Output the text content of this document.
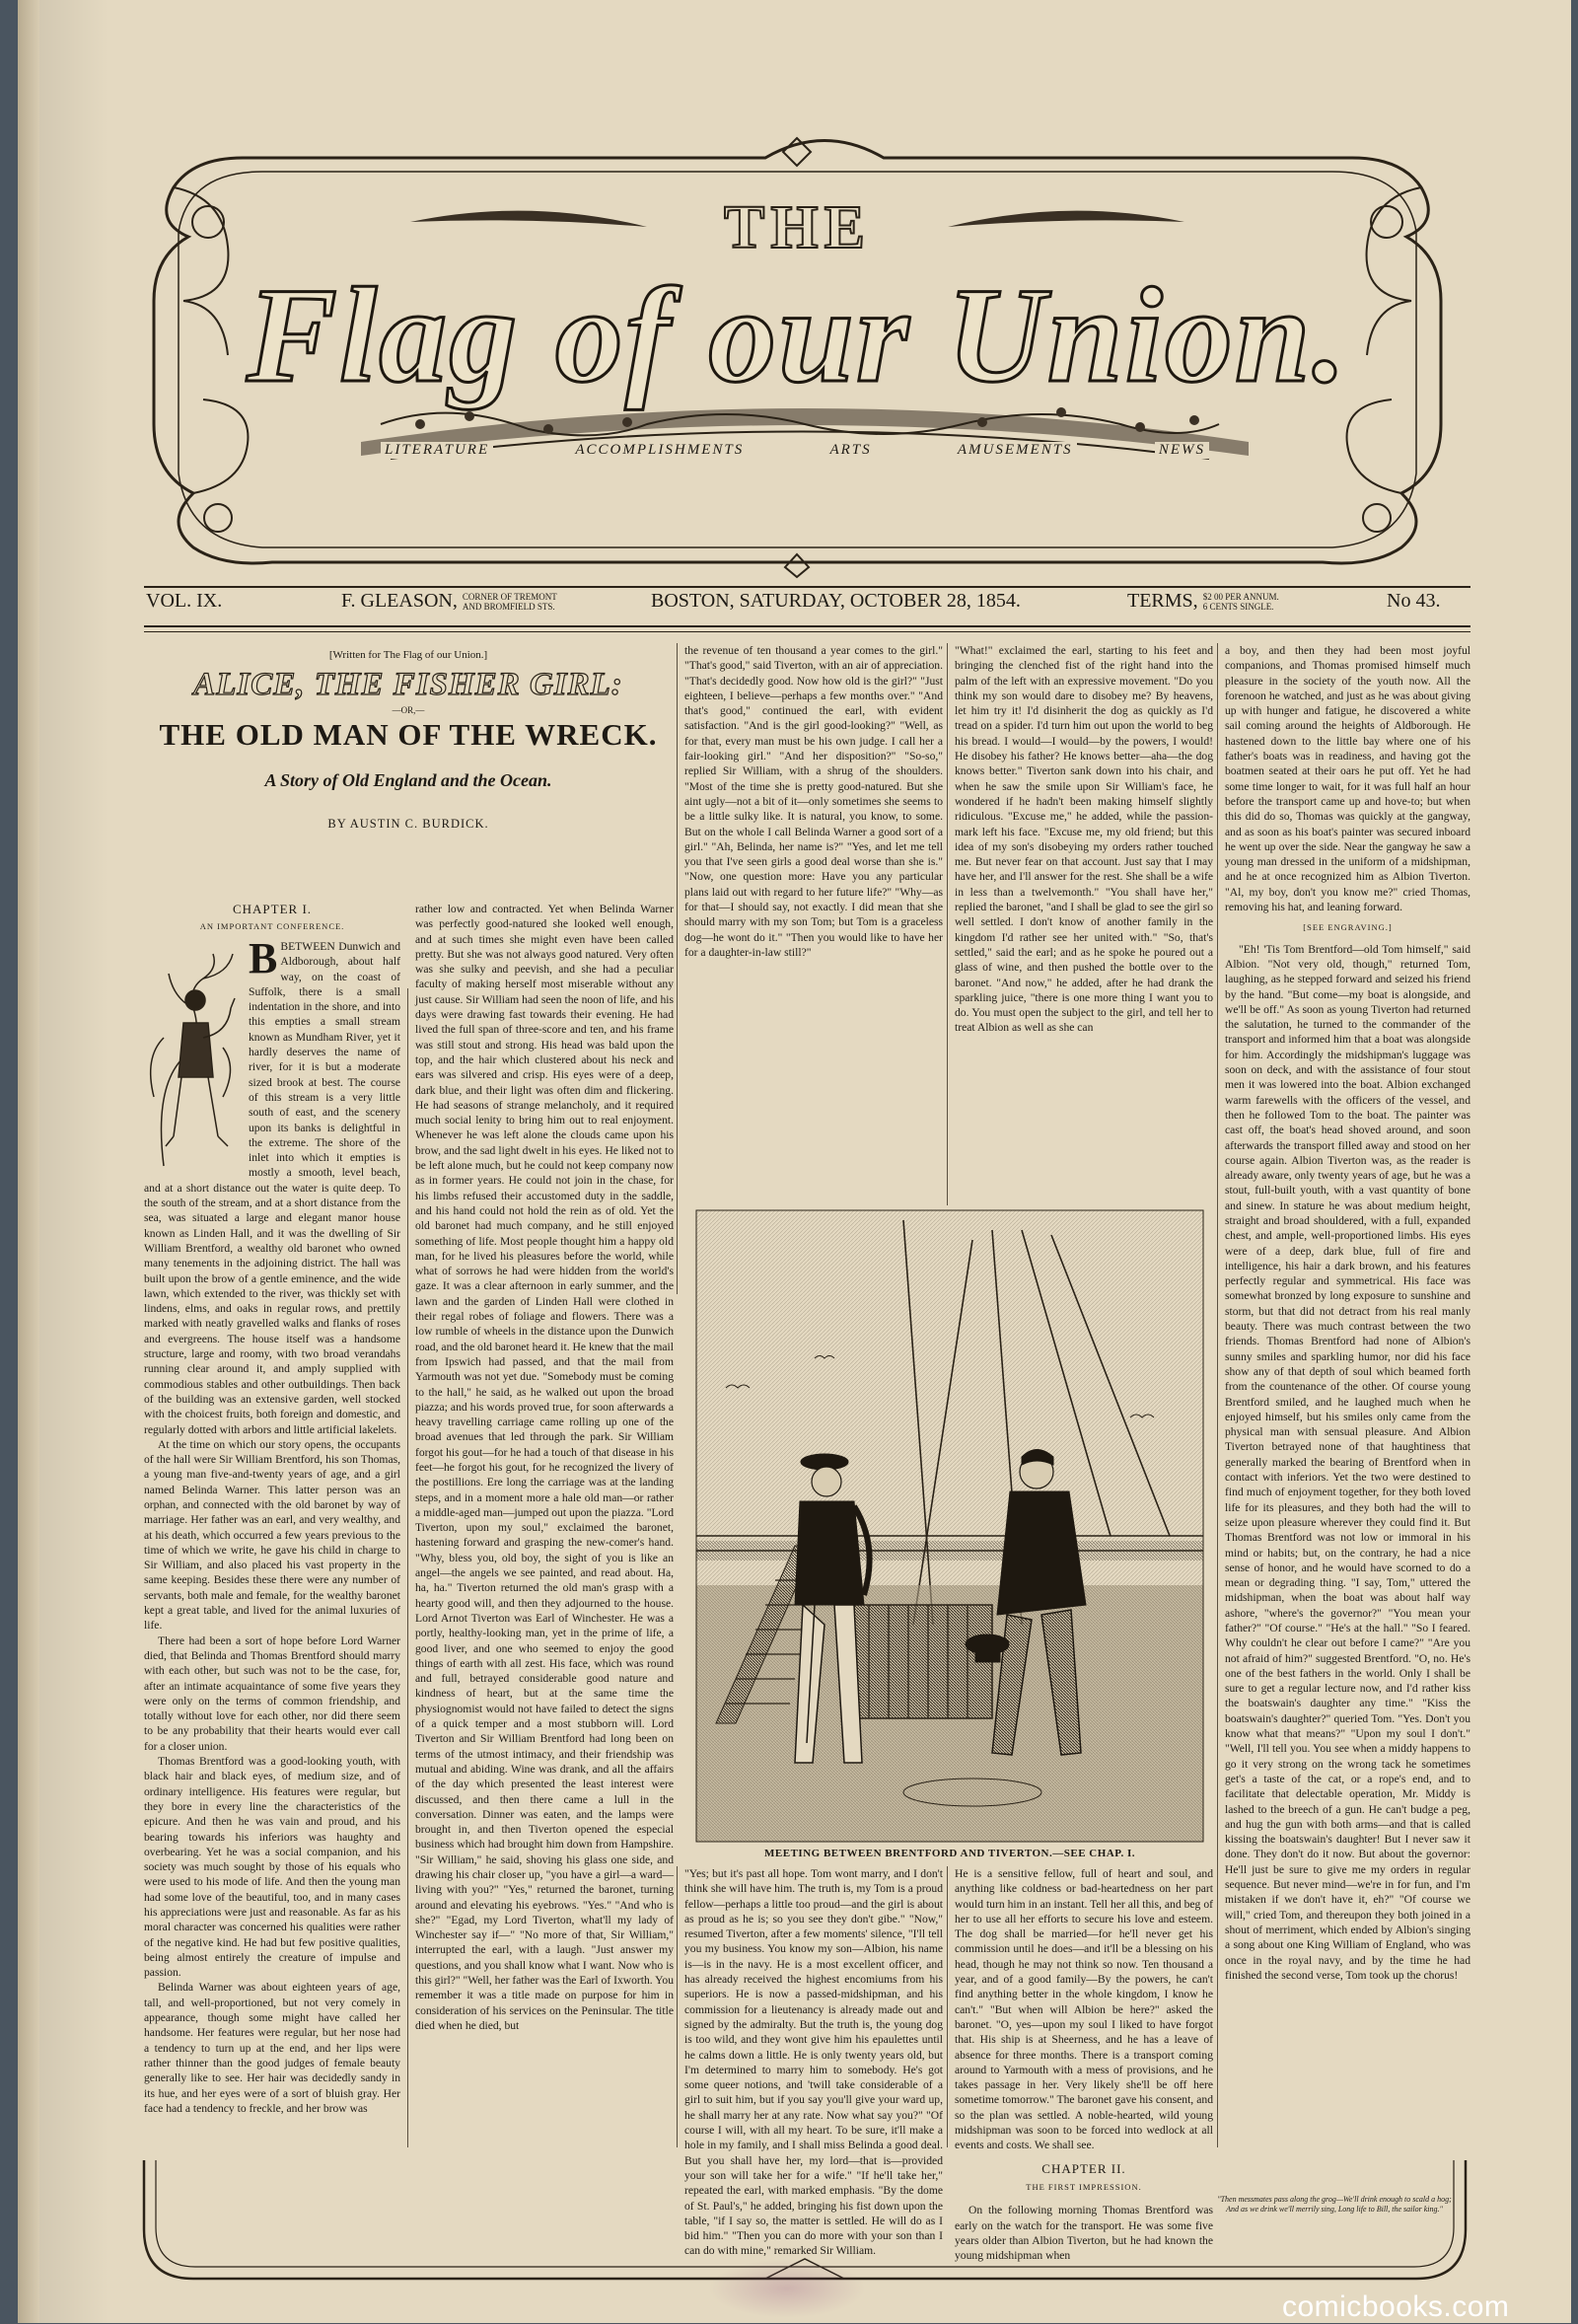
THE
Flag of our Union.
LITERATURE	ACCOMPLISHMENTS	ARTS	AMUSEMENTS	NEWS
VOL. IX.	F. GLEASON, CORNER OF TREMONT
AND BROMFIELD STS.	BOSTON, SATURDAY, OCTOBER 28, 1854.	TERMS, $2 00 PER ANNUM.
6 CENTS SINGLE.	No 43.
[Written for The Flag of our Union.]
ALICE, THE FISHER GIRL:
—OR,—
THE OLD MAN OF THE WRECK.
A Story of Old England and the Ocean.
BY AUSTIN C. BURDICK.
CHAPTER I.
AN IMPORTANT CONFERENCE.
B BETWEEN Dunwich and Aldborough, about half way, on the coast of Suffolk, there is a small indentation in the shore, and into this empties a small stream known as Mundham River, yet it hardly deserves the name of river, for it is but a moderate sized brook at best. The course of this stream is a very little south of east, and the scenery upon its banks is delightful in the extreme. The shore of the inlet into which it empties is mostly a smooth, level beach, and at a short distance out the water is quite deep. To the south of the stream, and at a short distance from the sea, was situated a large and elegant manor house known as Linden Hall, and it was the dwelling of Sir William Brentford, a wealthy old baronet who owned many tenements in the adjoining district. The hall was built upon the brow of a gentle eminence, and the wide lawn, which extended to the river, was thickly set with lindens, elms, and oaks in regular rows, and prettily marked with neatly gravelled walks and flanks of roses and evergreens. The house itself was a handsome structure, large and roomy, with two broad verandahs running clear around it, and amply supplied with commodious stables and other outbuildings. Then back of the building was an extensive garden, well stocked with the choicest fruits, both foreign and domestic, and regularly dotted with arbors and little artificial lakelets.

At the time on which our story opens, the occupants of the hall were Sir William Brentford, his son Thomas, a young man five-and-twenty years of age, and a girl named Belinda Warner. This latter person was an orphan, and connected with the old baronet by way of marriage. Her father was an earl, and very wealthy, and at his death, which occurred a few years previous to the time of which we write, he gave his child in charge to Sir William, and also placed his vast property in the same keeping. Besides these there were any number of servants, both male and female, for the wealthy baronet kept a great table, and lived for the animal luxuries of life.

There had been a sort of hope before Lord Warner died, that Belinda and Thomas Brentford should marry with each other, but such was not to be the case, for, after an intimate acquaintance of some five years they were only on the terms of common friendship, and totally without love for each other, nor did there seem to be any probability that their hearts would ever call for a closer union.

Thomas Brentford was a good-looking youth, with black hair and black eyes, of medium size, and of ordinary intelligence. His features were regular, but they bore in every line the characteristics of the epicure. And then he was vain and proud, and his bearing towards his inferiors was haughty and overbearing. Yet he was a social companion, and his society was much sought by those of his equals who were used to his mode of life. And then the young man had some love of the beautiful, too, and in many cases his appreciations were just and reasonable. As far as his moral character was concerned his qualities were rather of the negative kind. He had but few positive qualities, being almost entirely the creature of impulse and passion.

Belinda Warner was about eighteen years of age, tall, and well-proportioned, but not very comely in appearance, though some might have called her handsome. Her features were regular, but her nose had a tendency to turn up at the end, and her lips were rather thinner than the good judges of female beauty generally like to see. Her hair was decidedly sandy in its hue, and her eyes were of a sort of bluish gray. Her face had a tendency to freckle, and her brow was

rather low and contracted. Yet when Belinda Warner was perfectly good-natured she looked well enough, and at such times she might even have been called pretty. But she was not always good natured. Very often was she sulky and peevish, and she had a peculiar faculty of making herself most miserable without any just cause. Sir William had seen the noon of life, and his days were drawing fast towards their evening. He had lived the full span of three-score and ten, and his frame was still stout and strong. His head was bald upon the top, and the hair which clustered about his neck and ears was silvered and crisp. His eyes were of a deep, dark blue, and their light was often dim and flickering. He had seasons of strange melancholy, and it required much social lenity to bring him out to real enjoyment. Whenever he was left alone the clouds came upon his brow, and the sad light dwelt in his eyes. He liked not to be left alone much, but he could not keep company now as in former years. He could not join in the chase, for his limbs refused their accustomed duty in the saddle, and his hand could not hold the rein as of old. Yet the old baronet had much company, and he still enjoyed something of life. Most people thought him a happy old man, for he lived his pleasures before the world, while what of sorrows he had were hidden from the world's gaze. It was a clear afternoon in early summer, and the lawn and the garden of Linden Hall were clothed in their regal robes of foliage and flowers. There was a low rumble of wheels in the distance upon the Dunwich road, and the old baronet heard it. He knew that the mail from Ipswich had passed, and that the mail from Yarmouth was not yet due. "Somebody must be coming to the hall," he said, as he walked out upon the broad piazza; and his words proved true, for soon afterwards a heavy travelling carriage came rolling up one of the broad avenues that led through the park. Sir William forgot his gout—for he had a touch of that disease in his feet—he forgot his gout, for he recognized the livery of the postillions. Ere long the carriage was at the landing steps, and in a moment more a hale old man—or rather a middle-aged man—jumped out upon the piazza. "Lord Tiverton, upon my soul," exclaimed the baronet, hastening forward and grasping the new-comer's hand. "Why, bless you, old boy, the sight of you is like an angel—the angels we see painted, and read about. Ha, ha, ha." Tiverton returned the old man's grasp with a hearty good will, and then they adjourned to the house. Lord Arnot Tiverton was Earl of Winchester. He was a portly, healthy-looking man, yet in the prime of life, a good liver, and one who seemed to enjoy the good things of earth with all zest. His face, which was round and full, betrayed considerable good nature and kindness of heart, but at the same time the physiognomist would not have failed to detect the signs of a quick temper and a most stubborn will. Lord Tiverton and Sir William Brentford had long been on terms of the utmost intimacy, and their friendship was mutual and abiding. Wine was drank, and all the affairs of the day which presented the least interest were discussed, and then there came a lull in the conversation. Dinner was eaten, and the lamps were brought in, and then Tiverton opened the especial business which had brought him down from Hampshire. "Sir William," he said, shoving his glass one side, and drawing his chair closer up, "you have a girl—a ward—living with you?" "Yes," returned the baronet, turning around and elevating his eyebrows. "Yes." "And who is she?" "Egad, my Lord Tiverton, what'll my lady of Winchester say if—" "No more of that, Sir William," interrupted the earl, with a laugh. "Just answer my questions, and you shall know what I want. Now who is this girl?" "Well, her father was the Earl of Ixworth. You remember it was a title made on purpose for him in consideration of his services on the Peninsular. The title died when he died, but

the revenue of ten thousand a year comes to the girl." "That's good," said Tiverton, with an air of appreciation. "That's decidedly good. Now how old is the girl?" "Just eighteen, I believe—perhaps a few months over." "And that's good," continued the earl, with evident satisfaction. "And is the girl good-looking?" "Well, as for that, every man must be his own judge. I call her a fair-looking girl." "And her disposition?" "So-so," replied Sir William, with a shrug of the shoulders. "Most of the time she is pretty good-natured. But she aint ugly—not a bit of it—only sometimes she seems to be a little sulky like. It is natural, you know, to some. But on the whole I call Belinda Warner a good sort of a girl." "Ah, Belinda, her name is?" "Yes, and let me tell you that I've seen girls a good deal worse than she is." "Now, one question more: Have you any particular plans laid out with regard to her future life?" "Why—as for that—I should say, not exactly. I did mean that she should marry with my son Tom; but Tom is a graceless dog—he wont do it." "Then you would like to have her for a daughter-in-law still?"

"What!" exclaimed the earl, starting to his feet and bringing the clenched fist of the right hand into the palm of the left with an expressive movement. "Do you think my son would dare to disobey me? By heavens, let him try it! I'd disinherit the dog as quickly as I'd tread on a spider. I'd turn him out upon the world to beg his bread. I would—I would—by the powers, I would! He disobey his father? He knows better—aha—the dog knows better." Tiverton sank down into his chair, and when he saw the smile upon Sir William's face, he wondered if he hadn't been making himself slightly ridiculous. "Excuse me," he added, while the passion-mark left his face. "Excuse me, my old friend; but this idea of my son's disobeying my orders rather touched me. But never fear on that account. Just say that I may have her, and I'll answer for the rest. She shall be a wife in less than a twelvemonth." "You shall have her," replied the baronet, "and I shall be glad to see the girl so well settled. I don't know of another family in the kingdom I'd rather see her united with." "So, that's settled," said the earl; and as he spoke he poured out a glass of wine, and then pushed the bottle over to the baronet. "And now," he added, after he had drank the sparkling juice, "there is one more thing I want you to do. You must open the subject to the girl, and tell her to treat Albion as well as she can

a boy, and then they had been most joyful companions, and Thomas promised himself much pleasure in the society of the youth now. All the forenoon he watched, and just as he was about giving up with hunger and fatigue, he discovered a white sail coming around the heights of Aldborough. He hastened down to the little bay where one of his father's boats was in readiness, and having got the boatmen seated at their oars he put off. Yet he had some time longer to wait, for it was full half an hour before the transport came up and hove-to; but when this did do so, Thomas was quickly at the gangway, and as soon as his boat's painter was secured inboard he went up over the side. Near the gangway he saw a young man dressed in the uniform of a midshipman, and he at once recognized him as Albion Tiverton. "Al, my boy, don't you know me?" cried Thomas, removing his hat, and leaning forward.

[SEE ENGRAVING.]

"Eh! 'Tis Tom Brentford—old Tom himself," said Albion. "Not very old, though," returned Tom, laughing, as he stepped forward and seized his friend by the hand. "But come—my boat is alongside, and we'll be off." As soon as young Tiverton had returned the salutation, he turned to the commander of the transport and informed him that a boat was alongside for him. Accordingly the midshipman's luggage was soon on deck, and with the assistance of four stout men it was lowered into the boat. Albion exchanged warm farewells with the officers of the vessel, and then he followed Tom to the boat. The painter was cast off, the boat's head shoved around, and soon afterwards the transport filled away and stood on her course again. Albion Tiverton was, as the reader is already aware, only twenty years of age, but he was a stout, full-built youth, with a vast quantity of bone and sinew. In stature he was about medium height, straight and broad shouldered, with a full, expanded chest, and ample, well-proportioned limbs. His eyes were of a deep, dark blue, full of fire and intelligence, his hair a dark brown, and his features perfectly regular and symmetrical. His face was somewhat bronzed by long exposure to sunshine and storm, but that did not detract from his real manly beauty. There was much contrast between the two friends. Thomas Brentford had none of Albion's sunny smiles and sparkling humor, nor did his face show any of that depth of soul which beamed forth from the countenance of the other. Of course young Brentford smiled, and he laughed much when he enjoyed himself, but his smiles only came from the physical man with sensual pleasure. And Albion Tiverton betrayed none of that haughtiness that generally marked the bearing of Brentford when in contact with inferiors. Yet the two were destined to find much of enjoyment together, for they both loved life for its pleasures, and they both had the will to seize upon pleasure wherever they could find it. But Thomas Brentford was not low or immoral in his mind or habits; but, on the contrary, he had a nice sense of honor, and he would have scorned to do a mean or degrading thing. "I say, Tom," uttered the midshipman, when the boat was about half way ashore, "where's the governor?" "You mean your father?" "Of course." "He's at the hall." "So I feared. Why couldn't he clear out before I came?" "Are you not afraid of him?" suggested Brentford. "O, no. He's one of the best fathers in the world. Only I shall be sure to get a regular lecture now, and I'd rather kiss the boatswain's daughter any time." "Kiss the boatswain's daughter?" queried Tom. "Yes. Don't you know what that means?" "Upon my soul I don't." "Well, I'll tell you. You see when a middy happens to go it very strong on the wrong tack he sometimes get's a taste of the cat, or a rope's end, and to facilitate that delectable operation, Mr. Middy is lashed to the breech of a gun. He can't budge a peg, and hug the gun with both arms—and that is called kissing the boatswain's daughter! But I never saw it done. They don't do it now. But about the governor: He'll just be sure to give me my orders in regular sequence. But never mind—we're in for fun, and I'm mistaken if we don't have it, eh?" "Of course we will," cried Tom, and thereupon they both joined in a shout of merriment, which ended by Albion's singing a song about one King William of England, who was once in the royal navy, and by the time he had finished the second verse, Tom took up the chorus!

MEETING BETWEEN BRENTFORD AND TIVERTON.—SEE CHAP. I.

"Yes; but it's past all hope. Tom wont marry, and I don't think she will have him. The truth is, my Tom is a proud fellow—perhaps a little too proud—and the girl is about as proud as he is; so you see they don't gibe." "Now," resumed Tiverton, after a few moments' silence, "I'll tell you my business. You know my son—Albion, his name is—is in the navy. He is a most excellent officer, and has already received the highest encomiums from his superiors. He is now a passed-midshipman, and his commission for a lieutenancy is already made out and signed by the admiralty. But the truth is, the young dog is too wild, and they wont give him his epaulettes until he calms down a little. He is only twenty years old, but I'm determined to marry him to somebody. He's got some queer notions, and 'twill take considerable of a girl to suit him, but if you say you'll give your ward up, he shall marry her at any rate. Now what say you?" "Of course I will, with all my heart. To be sure, it'll make a hole in my family, and I shall miss Belinda a good deal. But you shall have her, my lord—that is—provided your son will take her for a wife." "If he'll take her," repeated the earl, with marked emphasis. "By the dome of St. Paul's," he added, bringing his fist down upon the table, "if I say so, the matter is settled. He will do as I bid him." "Then you can do more with your son than I can do with mine," remarked Sir William.

He is a sensitive fellow, full of heart and soul, and anything like coldness or bad-heartedness on her part would turn him in an instant. Tell her all this, and beg of her to use all her efforts to secure his love and esteem. The dog shall be married—for he'll never get his commission until he does—and it'll be a blessing on his head, though he may not think so now. Ten thousand a year, and of a good family—By the powers, he can't find anything better in the whole kingdom, I know he can't." "But when will Albion be here?" asked the baronet. "O, yes—upon my soul I liked to have forgot that. His ship is at Sheerness, and he has a leave of absence for three months. There is a transport coming around to Yarmouth with a mess of provisions, and he takes passage in her. Very likely she'll be off here sometime tomorrow." The baronet gave his consent, and so the plan was settled. A noble-hearted, wild young midshipman was soon to be forced into wedlock at all events and costs. We shall see.

CHAPTER II.
THE FIRST IMPRESSION.

On the following morning Thomas Brentford was early on the watch for the transport. He was some five years older than Albion Tiverton, but he had known the young midshipman when

"Then messmates pass along the grog—We'll drink enough to scald a hog; And as we drink we'll merrily sing, Long life to Bill, the sailor king."
comicbooks.com
